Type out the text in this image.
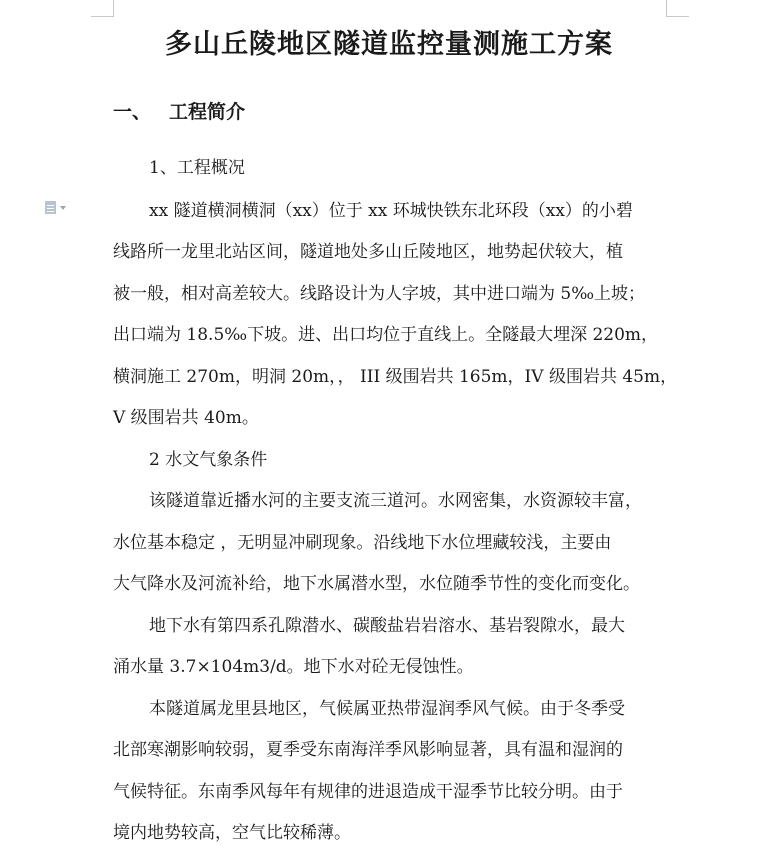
多山丘陵地区隧道监控量测施工方案
一、 工程简介
1、工程概况
xx 隧道横洞横洞（xx）位于 xx 环城快铁东北环段（xx）的小碧
线路所一龙里北站区间，隧道地处多山丘陵地区，地势起伏较大，植
被一般，相对高差较大。线路设计为人字坡，其中进口端为 5‰上坡；
出口端为 18.5‰下坡。进、出口均位于直线上。全隧最大埋深 220m，
横洞施工 270m，明洞 20m，， III 级围岩共 165m，IV 级围岩共 45m，
V 级围岩共 40m。
2 水文气象条件
该隧道靠近播水河的主要支流三道河。水网密集，水资源较丰富，
水位基本稳定 ，无明显冲刷现象。沿线地下水位埋藏较浅，主要由
大气降水及河流补给，地下水属潜水型，水位随季节性的变化而变化。
地下水有第四系孔隙潜水、碳酸盐岩岩溶水、基岩裂隙水，最大
涌水量 3.7×104m3/d。地下水对砼无侵蚀性。
本隧道属龙里县地区，气候属亚热带湿润季风气候。由于冬季受
北部寒潮影响较弱，夏季受东南海洋季风影响显著，具有温和湿润的
气候特征。东南季风每年有规律的进退造成干湿季节比较分明。由于
境内地势较高，空气比较稀薄。
